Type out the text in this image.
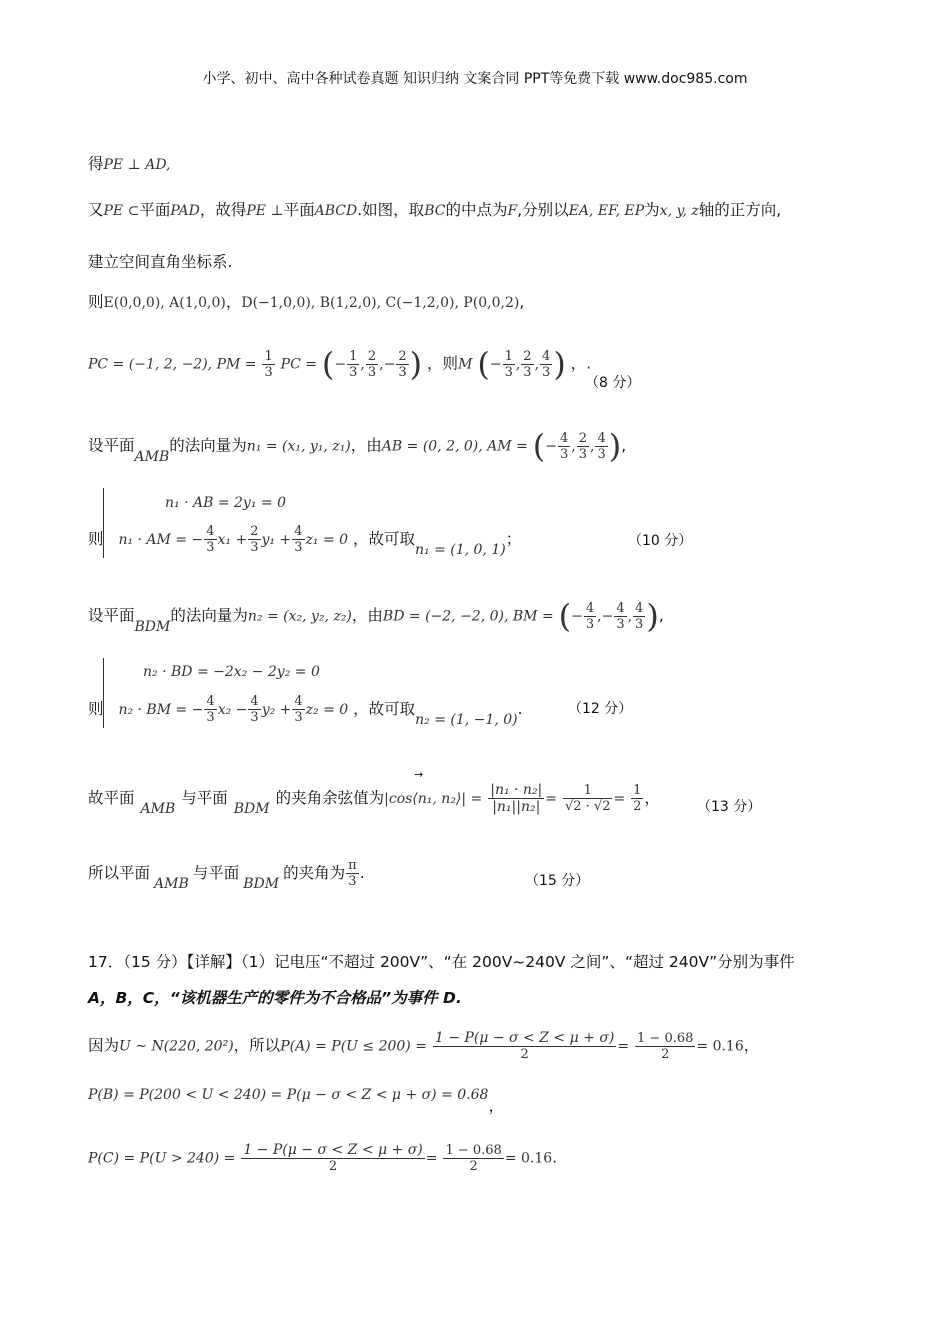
小学、初中、高中各种试卷真题 知识归纳 文案合同 PPT等免费下载 www.doc985.com
得PE ⊥ AD,
又PE ⊂平面PAD，故得PE ⊥平面ABCD.如图，取BC的中点为F,分别以EA, EF, EP为x, y, z轴的正方向,
建立空间直角坐标系.
则E(0,0,0), A(1,0,0)，D(−1,0,0), B(1,2,0), C(−1,2,0), P(0,0,2),
PC = (−1, 2, −2), PM = $\frac{1}{3}$ PC = (− $\frac{1}{3}$ , $\frac{2}{3}$ ,− $\frac{2}{3}$ ) ，则M (− $\frac{1}{3}$ , $\frac{2}{3}$ , $\frac{4}{3}$ ) ，.
（8 分）
设平面AMB的法向量为n₁ = (x₁, y₁, z₁)，由AB = (0, 2, 0), AM = (− $\frac{4}{3}$ , $\frac{2}{3}$ , $\frac{4}{3}$ ),
n₁ · AB = 2y₁ = 0
则 n₁ · AM = − $\frac{4}{3} x_1 + \frac{2}{3} y_1 + \frac{4}{3} z_1 = 0$ ，故可取n₁ = (1, 0, 1)；	（10 分）
设平面BDM的法向量为n₂ = (x₂, y₂, z₂)，由BD = (−2, −2, 0), BM = (− $\frac{4}{3}$ ,− $\frac{4}{3}$ , $\frac{4}{3}$ ),
n₂ · BD = −2x₂ − 2y₂ = 0
则 n₂ · BM = − $\frac{4}{3} x_2 - \frac{4}{3} y_2 + \frac{4}{3} z_2 = 0$ ，故可取n₂ = (1, −1, 0).	（12 分）
故平面AMB与平面BDM的夹角余弦值为|cos⟨n₁, n₂⟩| = $\frac{\text{|n₁ · n₂|}}{\text{|n₁||n₂|}} = \frac{1}{√2 \cdot √2} = \frac{1}{2}$ ，
→
（13 分）
所以平面AMB与平面BDM的夹角为 $\frac{\pi}{3}$ .	（15 分）
17．（15 分）【详解】（1）记电压“不超过 200V”、“在 200V~240V 之间”、“超过 240V”分别为事件
A，B，C，“该机器生产的零件为不合格品”为事件 D.
因为U ~ N(220, 20²)，所以$P(A) = P(U \le 200) = \frac{1 - P(\mu - \sigma < Z < \mu + \sigma)}{2} = \frac{1 - 0.68}{2} = 0.16$，
P(B) = P(200 < U < 240) = P(μ − σ < Z < μ + σ) = 0.68，
$P(C) = P(U > 240) = \frac{1 - P(\mu - \sigma < Z < \mu + \sigma)}{2} = \frac{1 - 0.68}{2} = 0.16$.
